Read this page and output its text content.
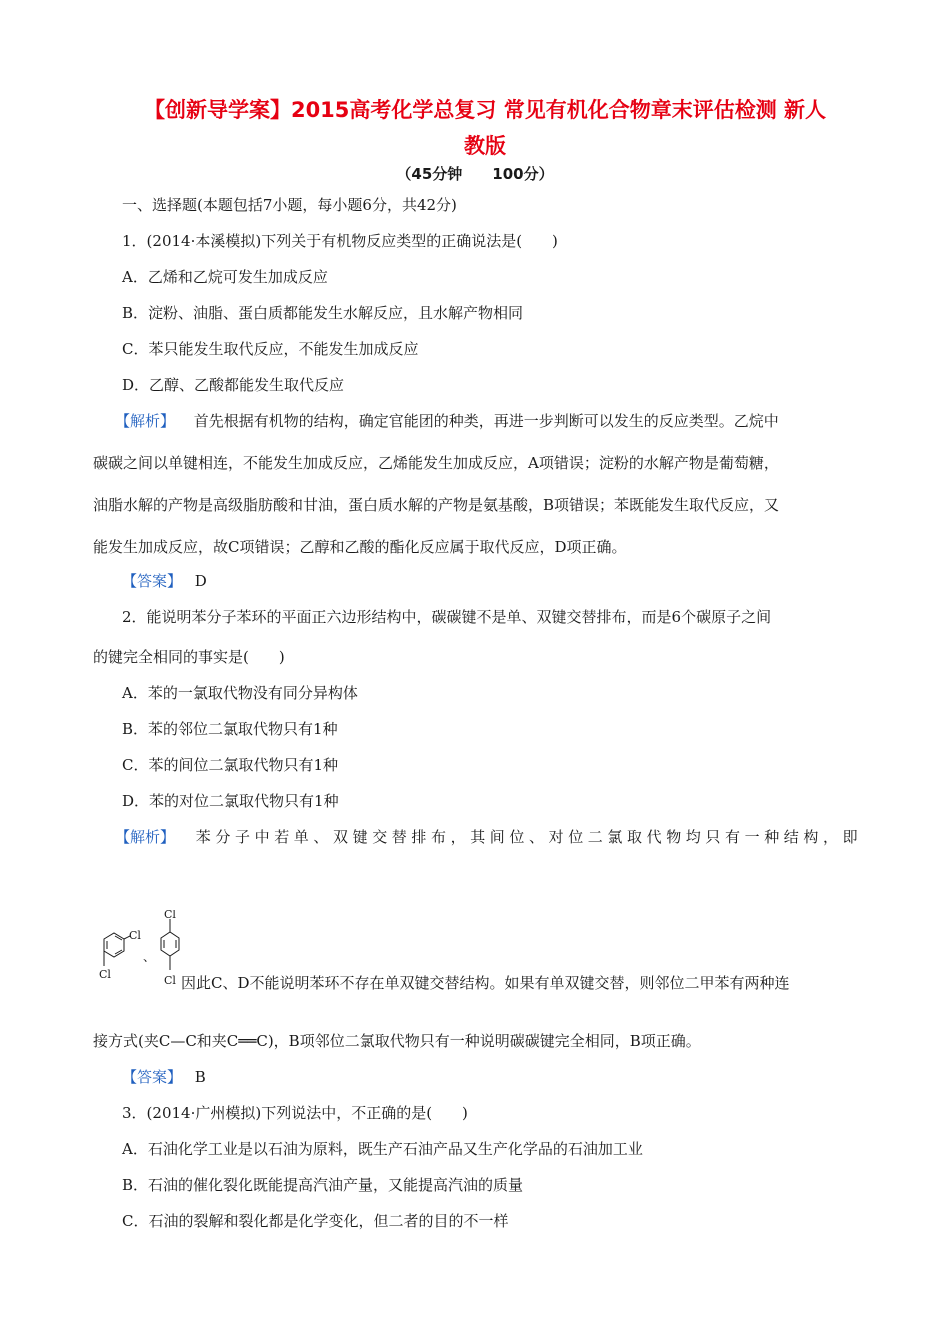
【创新导学案】2015高考化学总复习 常见有机化合物章末评估检测 新人
教版
（45分钟　　100分）
一、选择题(本题包括7小题，每小题6分，共42分)
1．(2014·本溪模拟)下列关于有机物反应类型的正确说法是(　　)
A．乙烯和乙烷可发生加成反应
B．淀粉、油脂、蛋白质都能发生水解反应，且水解产物相同
C．苯只能发生取代反应，不能发生加成反应
D．乙醇、乙酸都能发生取代反应
【解析】 首先根据有机物的结构，确定官能团的种类，再进一步判断可以发生的反应类型。乙烷中
碳碳之间以单键相连，不能发生加成反应，乙烯能发生加成反应，A项错误；淀粉的水解产物是葡萄糖，
油脂水解的产物是高级脂肪酸和甘油，蛋白质水解的产物是氨基酸，B项错误；苯既能发生取代反应，又
能发生加成反应，故C项错误；乙醇和乙酸的酯化反应属于取代反应，D项正确。
【答案】 D
2．能说明苯分子苯环的平面正六边形结构中，碳碳键不是单、双键交替排布，而是6个碳原子之间
的键完全相同的事实是(　　)
A．苯的一氯取代物没有同分异构体
B．苯的邻位二氯取代物只有1种
C．苯的间位二氯取代物只有1种
D．苯的对位二氯取代物只有1种
【解析】 苯分子中若单、双键交替排布，其间位、对位二氯取代物均只有一种结构，即
Cl
Cl
、
Cl
Cl 因此C、D不能说明苯环不存在单双键交替结构。如果有单双键交替，则邻位二甲苯有两种连
接方式(夹C—C和夹C══C)，B项邻位二氯取代物只有一种说明碳碳键完全相同，B项正确。
【答案】 B
3．(2014·广州模拟)下列说法中，不正确的是(　　)
A．石油化学工业是以石油为原料，既生产石油产品又生产化学品的石油加工业
B．石油的催化裂化既能提高汽油产量，又能提高汽油的质量
C．石油的裂解和裂化都是化学变化，但二者的目的不一样
